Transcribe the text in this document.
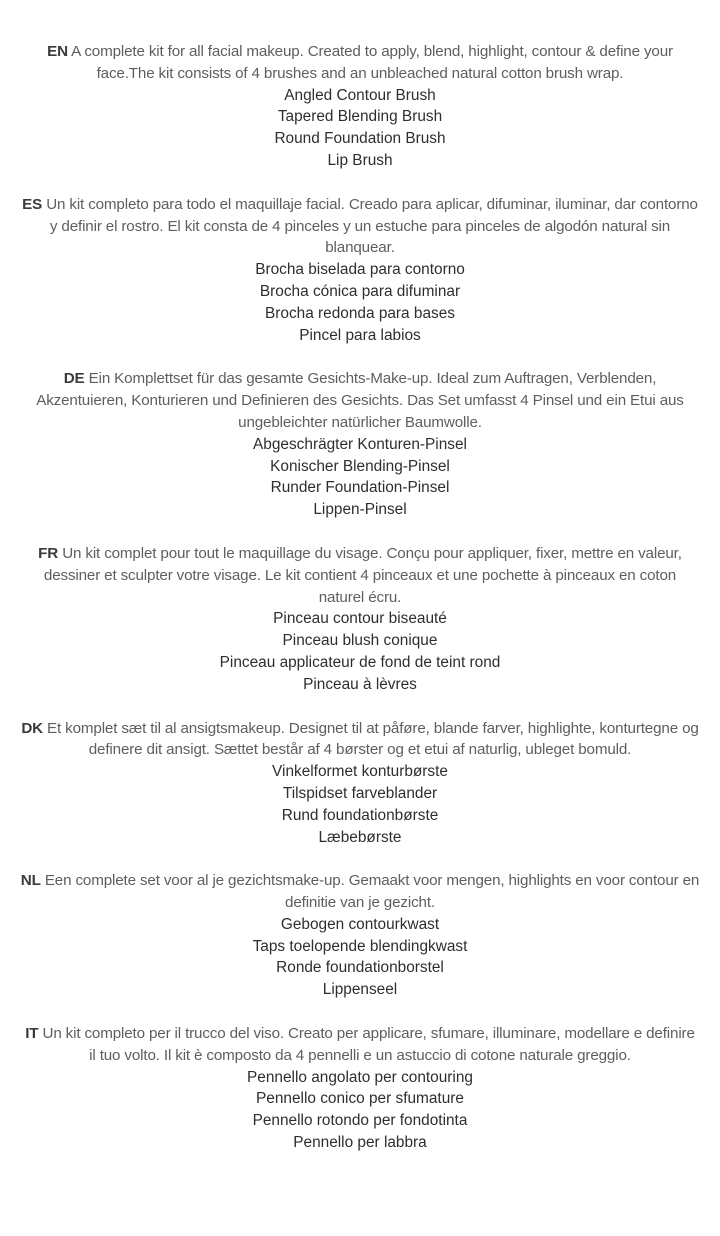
EN A complete kit for all facial makeup. Created to apply, blend, highlight, contour & define your face.The kit consists of 4 brushes and an unbleached natural cotton brush wrap.

Angled Contour Brush
Tapered Blending Brush
Round Foundation Brush
Lip Brush

ES Un kit completo para todo el maquillaje facial. Creado para aplicar, difuminar, iluminar, dar contorno y definir el rostro. El kit consta de 4 pinceles y un estuche para pinceles de algodón natural sin blanquear.

Brocha biselada para contorno
Brocha cónica para difuminar
Brocha redonda para bases
Pincel para labios

DE Ein Komplettset für das gesamte Gesichts-Make-up. Ideal zum Auftragen, Verblenden, Akzentuieren, Konturieren und Definieren des Gesichts. Das Set umfasst 4 Pinsel und ein Etui aus ungebleichter natürlicher Baumwolle.

Abgeschrägter Konturen-Pinsel
Konischer Blending-Pinsel
Runder Foundation-Pinsel
Lippen-Pinsel

FR Un kit complet pour tout le maquillage du visage. Conçu pour appliquer, fixer, mettre en valeur, dessiner et sculpter votre visage. Le kit contient 4 pinceaux et une pochette à pinceaux en coton naturel écru.

Pinceau contour biseauté
Pinceau blush conique
Pinceau applicateur de fond de teint rond
Pinceau à lèvres

DK Et komplet sæt til al ansigtsmakeup. Designet til at påføre, blande farver, highlighte, konturtegne og definere dit ansigt. Sættet består af 4 børster og et etui af naturlig, ubleget bomuld.

Vinkelformet konturbørste
Tilspidset farveblander
Rund foundationbørste
Læbebørste

NL Een complete set voor al je gezichtsmake-up. Gemaakt voor mengen, highlights en voor contour en definitie van je gezicht.

Gebogen contourkwast
Taps toelopende blendingkwast
Ronde foundationborstel
Lippenseel

IT Un kit completo per il trucco del viso. Creato per applicare, sfumare, illuminare, modellare e definire il tuo volto. Il kit è composto da 4 pennelli e un astuccio di cotone naturale greggio.

Pennello angolato per contouring
Pennello conico per sfumature
Pennello rotondo per fondotinta
Pennello per labbra
